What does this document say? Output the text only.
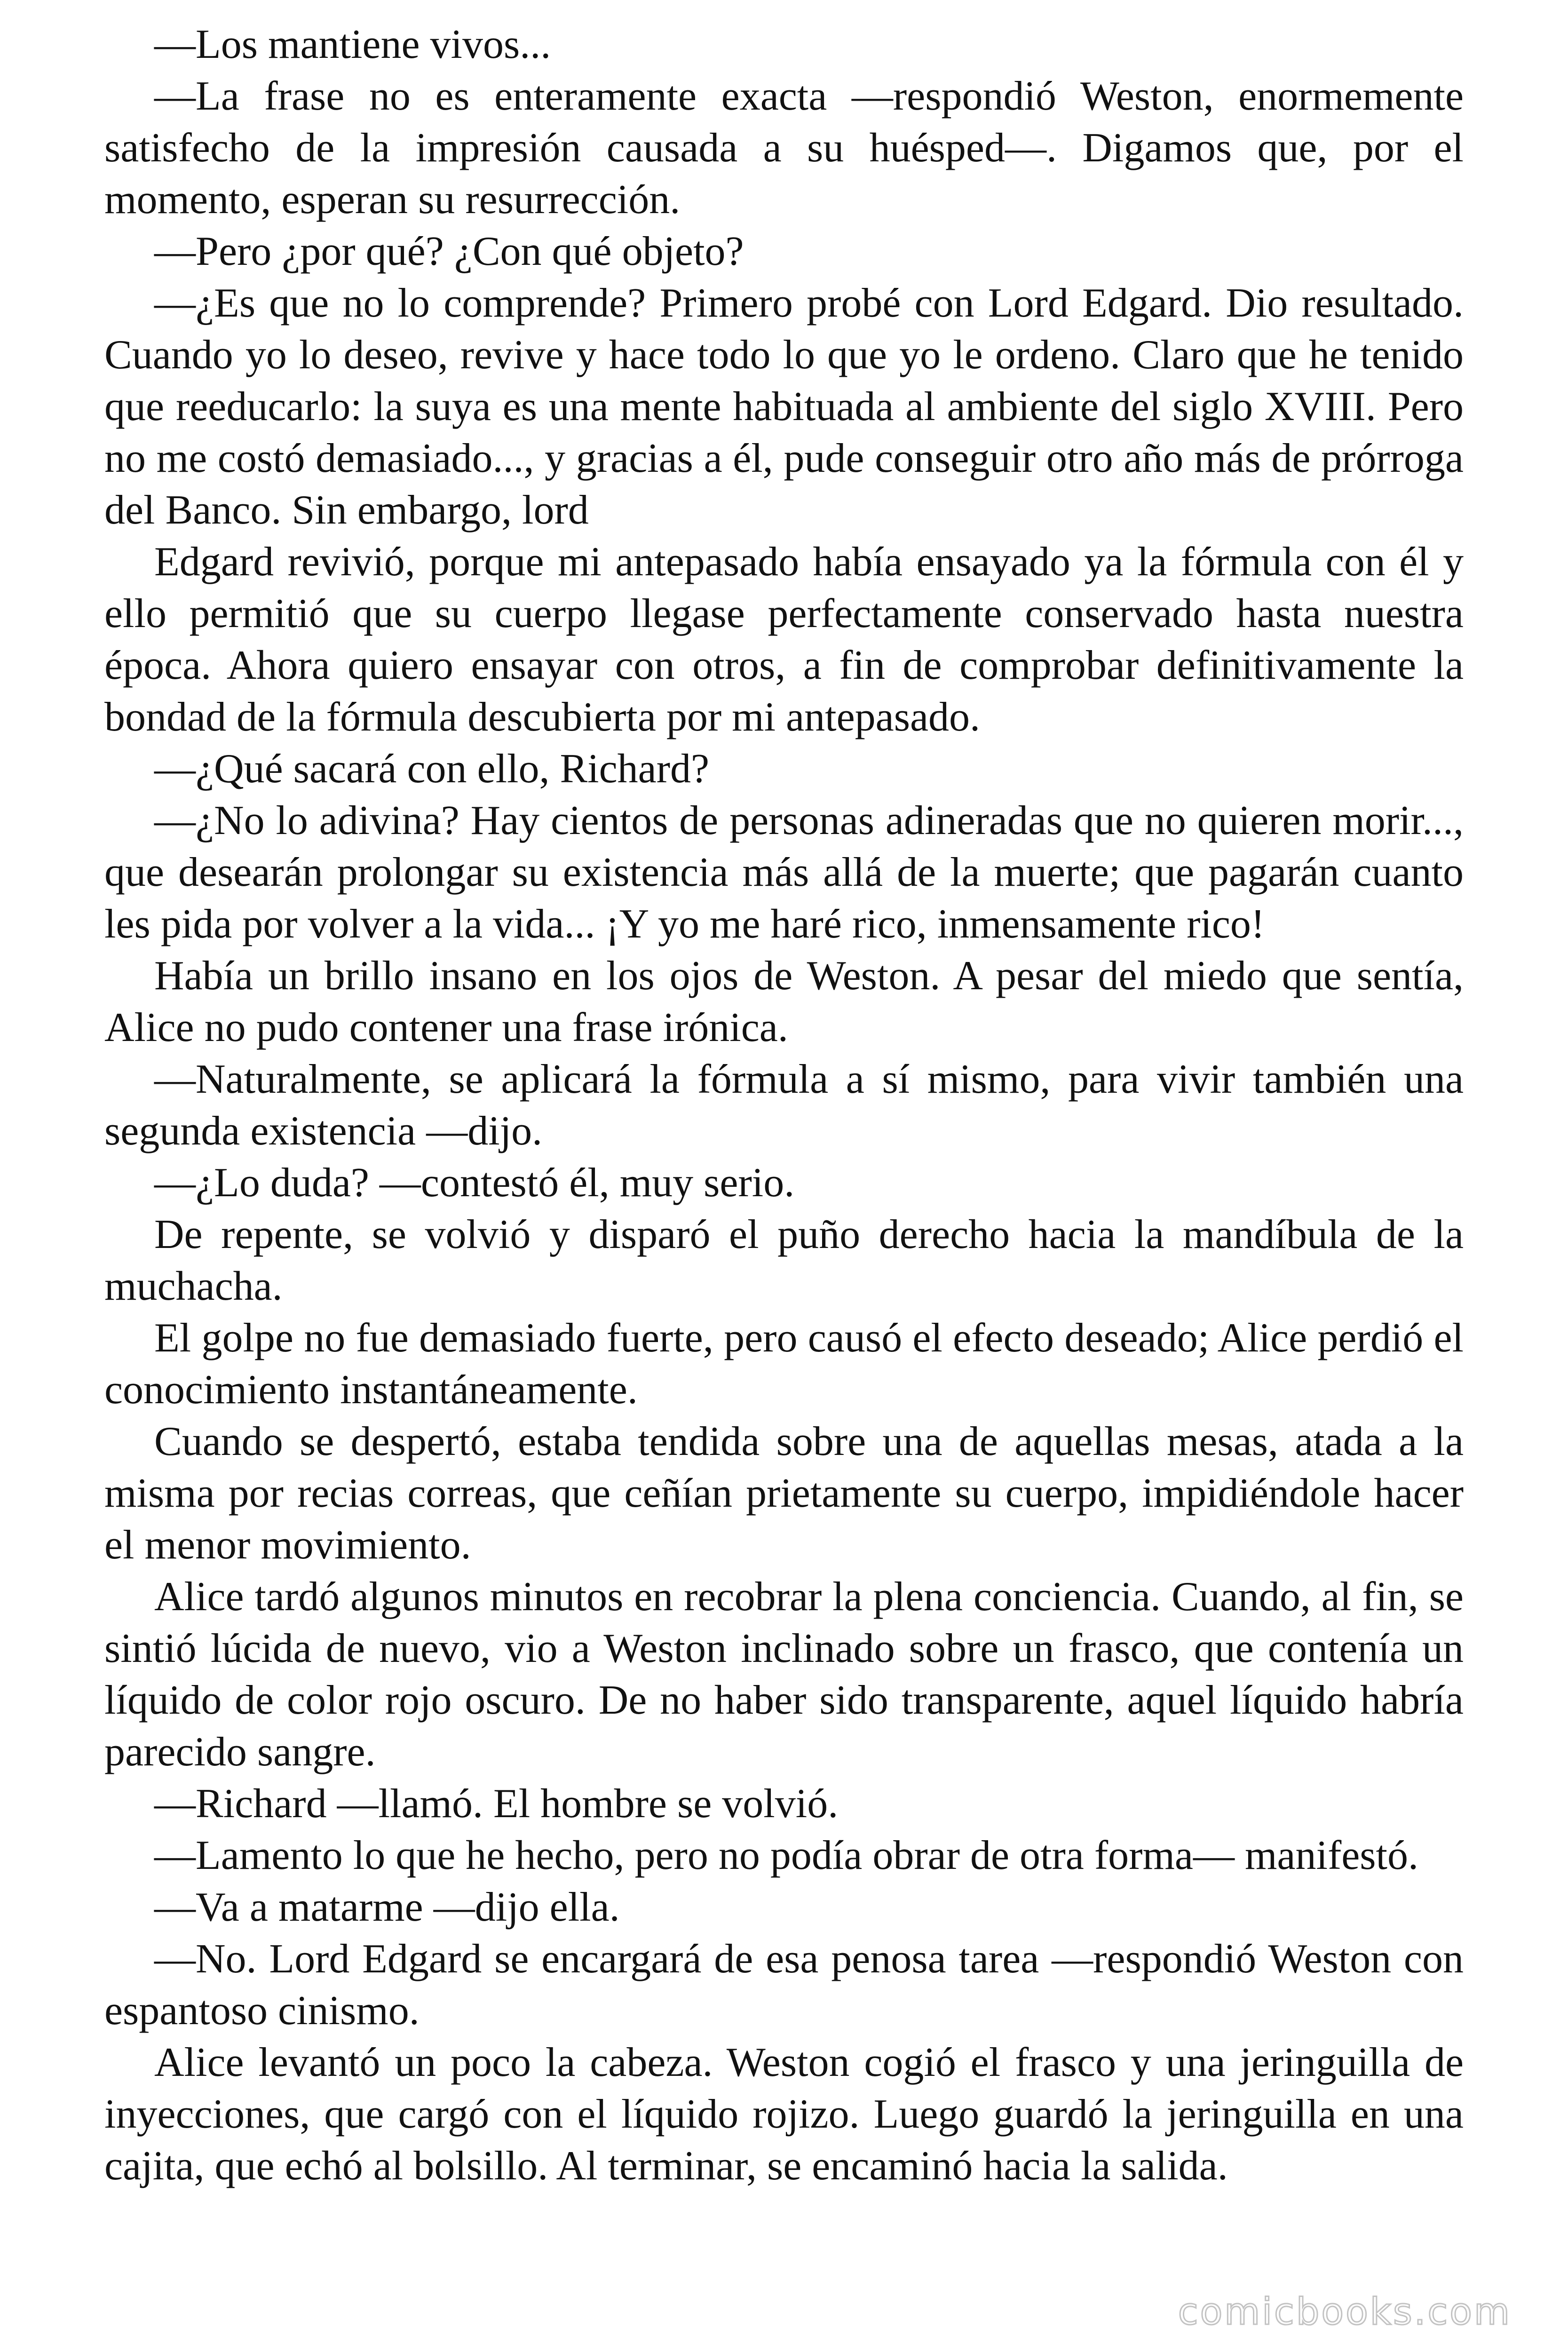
—Los mantiene vivos...

—La frase no es enteramente exacta —respondió Weston, enormemente satisfecho de la impresión causada a su huésped—. Digamos que, por el momento, esperan su resurrección.

—Pero ¿por qué? ¿Con qué objeto?

—¿Es que no lo comprende? Primero probé con Lord Edgard. Dio resultado. Cuando yo lo deseo, revive y hace todo lo que yo le ordeno. Claro que he tenido que reeducarlo: la suya es una mente habituada al ambiente del siglo XVIII. Pero no me costó demasiado..., y gracias a él, pude conseguir otro año más de prórroga del Banco. Sin embargo, lord

Edgard revivió, porque mi antepasado había ensayado ya la fórmula con él y ello permitió que su cuerpo llegase perfectamente conservado hasta nuestra época. Ahora quiero ensayar con otros, a fin de comprobar definitivamente la bondad de la fórmula descubierta por mi antepasado.

—¿Qué sacará con ello, Richard?

—¿No lo adivina? Hay cientos de personas adineradas que no quieren morir..., que desearán prolongar su existencia más allá de la muerte; que pagarán cuanto les pida por volver a la vida... ¡Y yo me haré rico, inmensamente rico!

Había un brillo insano en los ojos de Weston. A pesar del miedo que sentía, Alice no pudo contener una frase irónica.

—Naturalmente, se aplicará la fórmula a sí mismo, para vivir también una segunda existencia —dijo.

—¿Lo duda? —contestó él, muy serio.

De repente, se volvió y disparó el puño derecho hacia la mandíbula de la muchacha.

El golpe no fue demasiado fuerte, pero causó el efecto deseado; Alice perdió el conocimiento instantáneamente.

Cuando se despertó, estaba tendida sobre una de aquellas mesas, atada a la misma por recias correas, que ceñían prietamente su cuerpo, impidiéndole hacer el menor movimiento.

Alice tardó algunos minutos en recobrar la plena conciencia. Cuando, al fin, se sintió lúcida de nuevo, vio a Weston inclinado sobre un frasco, que contenía un líquido de color rojo oscuro. De no haber sido transparente, aquel líquido habría parecido sangre.

—Richard —llamó. El hombre se volvió.

—Lamento lo que he hecho, pero no podía obrar de otra forma— manifestó.

—Va a matarme —dijo ella.

—No. Lord Edgard se encargará de esa penosa tarea —respondió Weston con espantoso cinismo.

Alice levantó un poco la cabeza. Weston cogió el frasco y una jeringuilla de inyecciones, que cargó con el líquido rojizo. Luego guardó la jeringuilla en una cajita, que echó al bolsillo. Al terminar, se encaminó hacia la salida.

comicbooks.com
